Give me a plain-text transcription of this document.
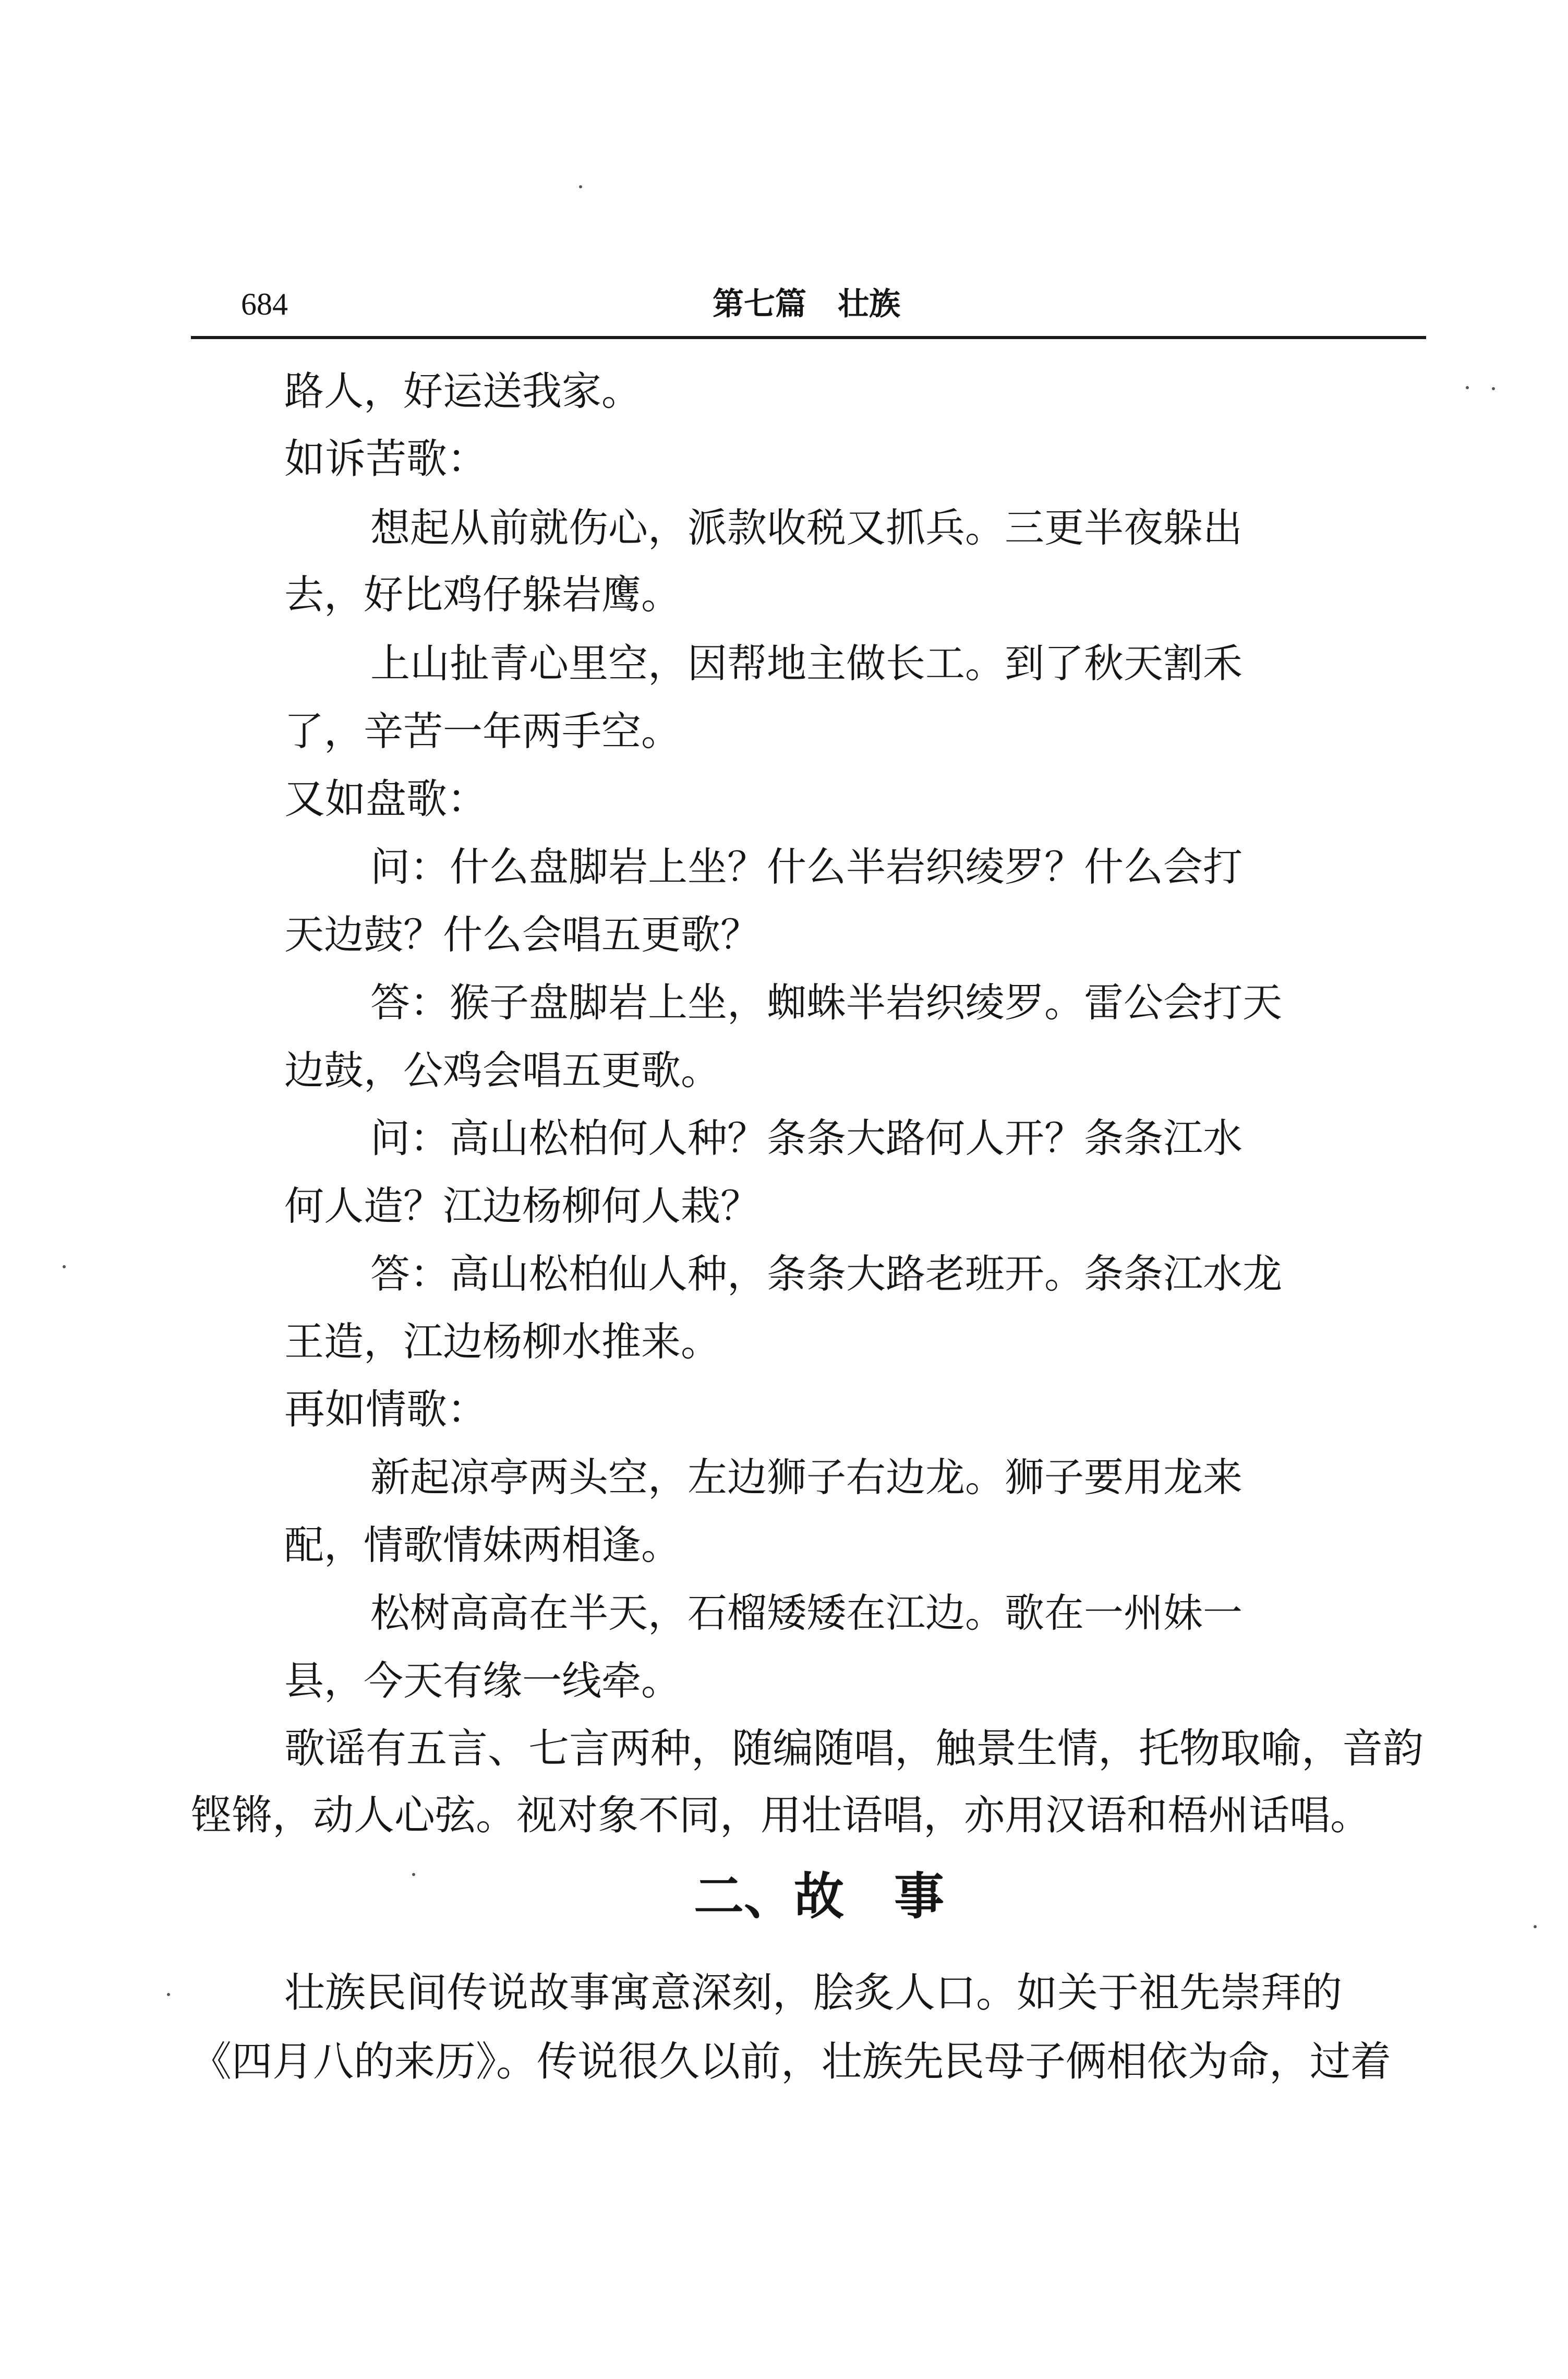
684	第七篇　壮族
路人，好运送我家。
如诉苦歌：
想起从前就伤心，派款收税又抓兵。三更半夜躲出
去，好比鸡仔躲岩鹰。
上山扯青心里空，因帮地主做长工。到了秋天割禾
了，辛苦一年两手空。
又如盘歌：
问：什么盘脚岩上坐？什么半岩织绫罗？什么会打
天边鼓？什么会唱五更歌？
答：猴子盘脚岩上坐，蜘蛛半岩织绫罗。雷公会打天
边鼓，公鸡会唱五更歌。
问：高山松柏何人种？条条大路何人开？条条江水
何人造？江边杨柳何人栽？
答：高山松柏仙人种，条条大路老班开。条条江水龙
王造，江边杨柳水推来。
再如情歌：
新起凉亭两头空，左边狮子右边龙。狮子要用龙来
配，情歌情妹两相逢。
松树高高在半天，石榴矮矮在江边。歌在一州妹一
县，今天有缘一线牵。
歌谣有五言、七言两种，随编随唱，触景生情，托物取喻，音韵
铿锵，动人心弦。视对象不同，用壮语唱，亦用汉语和梧州话唱。
二、故　事
壮族民间传说故事寓意深刻，脍炙人口。如关于祖先崇拜的
《四月八的来历》。传说很久以前，壮族先民母子俩相依为命，过着
